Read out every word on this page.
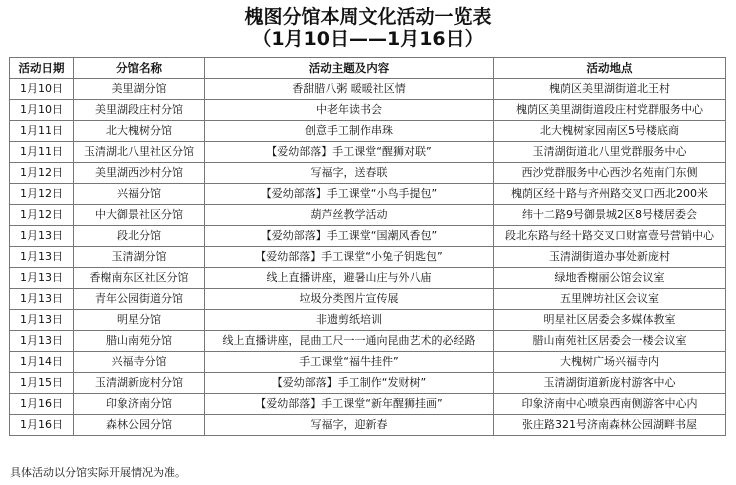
槐图分馆本周文化活动一览表
（1月10日——1月16日）
活动日期	分馆名称	活动主题及内容	活动地点
1月10日	美里湖分馆	香甜腊八粥 暖暖社区情	槐荫区美里湖街道北王村
1月10日	美里湖段庄村分馆	中老年读书会	槐荫区美里湖街道段庄村党群服务中心
1月11日	北大槐树分馆	创意手工制作串珠	北大槐树家园南区5号楼底商
1月11日	玉清湖北八里社区分馆	【爱幼部落】手工课堂“醒狮对联”	玉清湖街道北八里党群服务中心
1月12日	美里湖西沙村分馆	写福字，送春联	西沙党群服务中心西沙名苑南门东侧
1月12日	兴福分馆	【爱幼部落】手工课堂“小鸟手提包”	槐荫区经十路与齐州路交叉口西北200米
1月12日	中大御景社区分馆	葫芦丝教学活动	纬十二路9号御景城2区8号楼居委会
1月13日	段北分馆	【爱幼部落】手工课堂“国潮风香包”	段北东路与经十路交叉口财富壹号营销中心
1月13日	玉清湖分馆	【爱幼部落】手工课堂“小兔子钥匙包”	玉清湖街道办事处新庞村
1月13日	香榭南东区社区分馆	线上直播讲座，避暑山庄与外八庙	绿地香榭丽公馆会议室
1月13日	青年公园街道分馆	垃圾分类图片宣传展	五里牌坊社区会议室
1月13日	明星分馆	非遗剪纸培训	明星社区居委会多媒体教室
1月13日	腊山南苑分馆	线上直播讲座，昆曲工尺一一通向昆曲艺术的必经路	腊山南苑社区居委会一楼会议室
1月14日	兴福寺分馆	手工课堂“福牛挂件”	大槐树广场兴福寺内
1月15日	玉清湖新庞村分馆	【爱幼部落】手工制作“发财树”	玉清湖街道新庞村游客中心
1月16日	印象济南分馆	【爱幼部落】手工课堂“新年醒狮挂画”	印象济南中心喷泉西南侧游客中心内
1月16日	森林公园分馆	写福字，迎新春	张庄路321号济南森林公园湖畔书屋
具体活动以分馆实际开展情况为准。
